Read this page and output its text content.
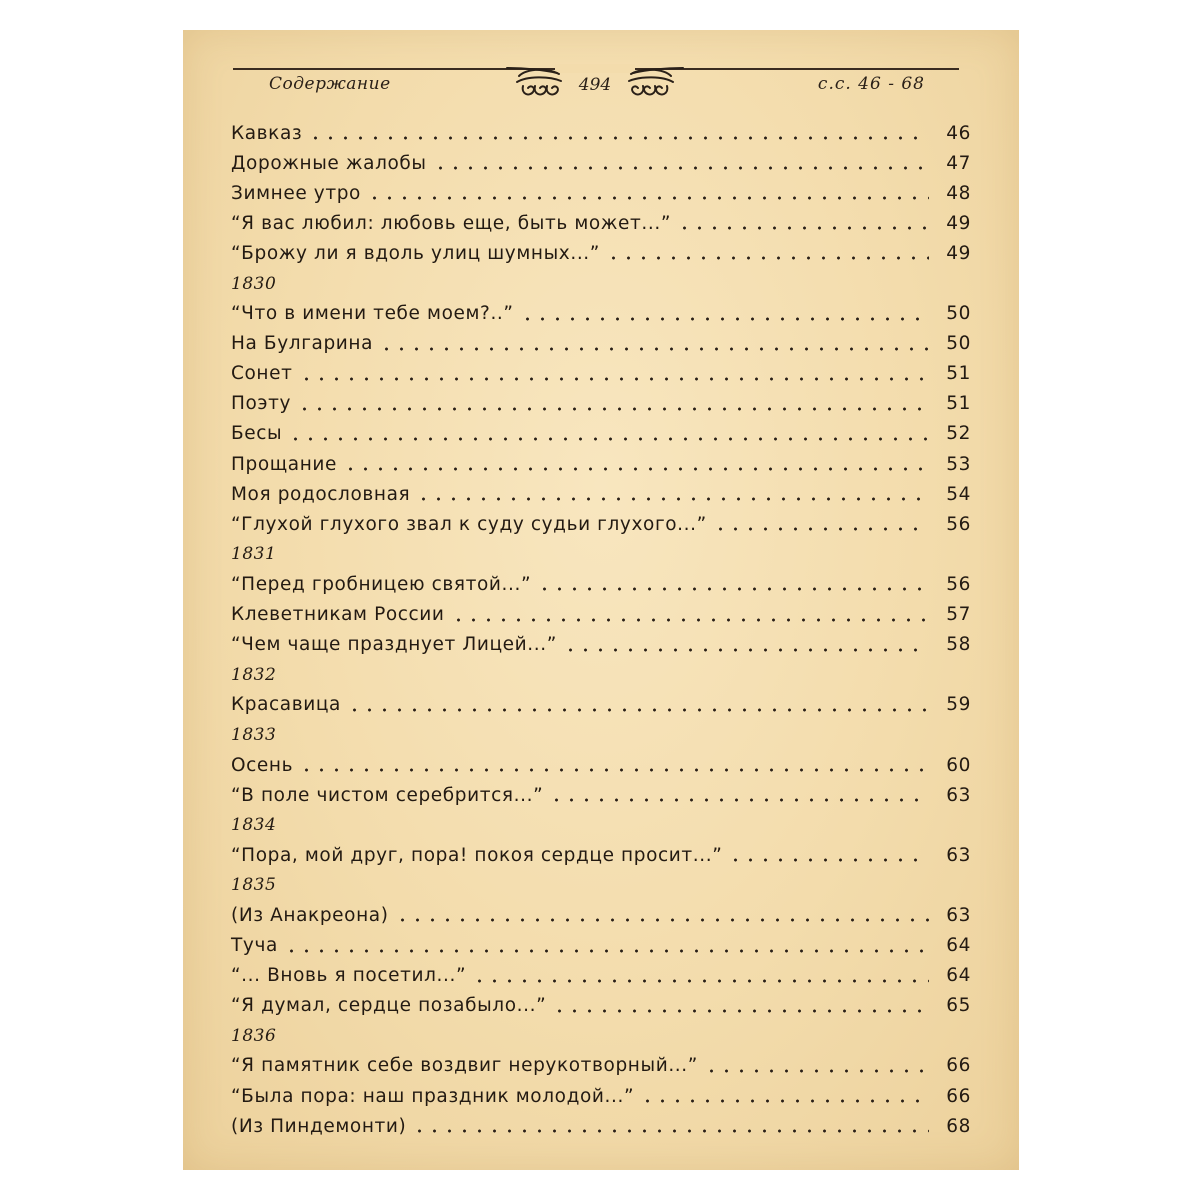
Содержание	494	с.с. 46 - 68
Кавказ	46
Дорожные жалобы	47
Зимнее утро	48
“Я вас любил: любовь еще, быть может...”	49
“Брожу ли я вдоль улиц шумных...”	49
1830
“Что в имени тебе моем?..”	50
На Булгарина	50
Сонет	51
Поэту	51
Бесы	52
Прощание	53
Моя родословная	54
“Глухой глухого звал к суду судьи глухого...”	56
1831
“Перед гробницею святой...”	56
Клеветникам России	57
“Чем чаще празднует Лицей...”	58
1832
Красавица	59
1833
Осень	60
“В поле чистом серебрится...”	63
1834
“Пора, мой друг, пора! покоя сердце просит...”	63
1835
(Из Анакреона)	63
Туча	64
“... Вновь я посетил...”	64
“Я думал, сердце позабыло...”	65
1836
“Я памятник себе воздвиг нерукотворный...”	66
“Была пора: наш праздник молодой...”	66
(Из Пиндемонти)	68
